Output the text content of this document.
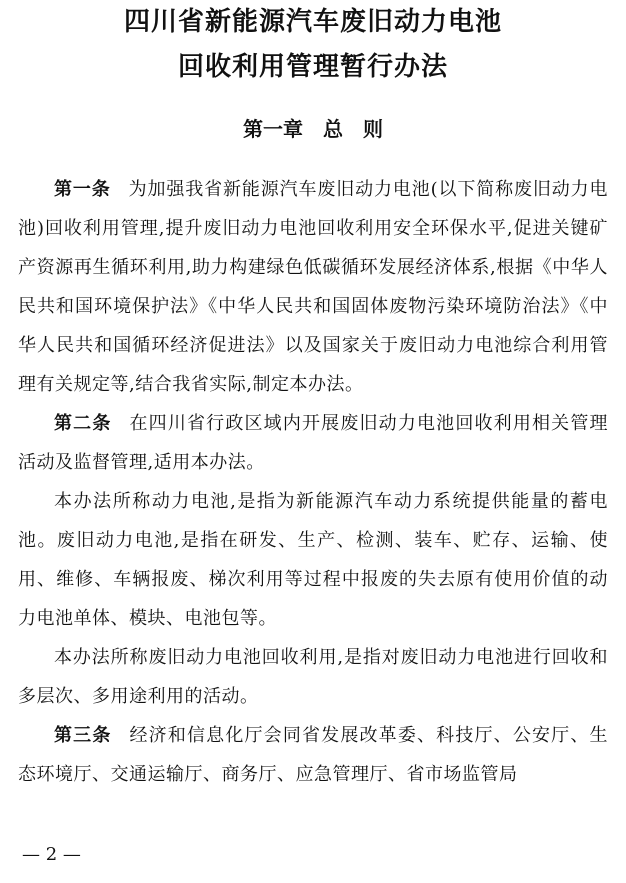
四川省新能源汽车废旧动力电池
回收利用管理暂行办法
第一章　总　则

第一条 为加强我省新能源汽车废旧动力电池(以下简称废旧动力电池)回收利用管理,提升废旧动力电池回收利用安全环保水平,促进关键矿产资源再生循环利用,助力构建绿色低碳循环发展经济体系,根据《中华人民共和国环境保护法》《中华人民共和国固体废物污染环境防治法》《中华人民共和国循环经济促进法》以及国家关于废旧动力电池综合利用管理有关规定等,结合我省实际,制定本办法。

第二条 在四川省行政区域内开展废旧动力电池回收利用相关管理活动及监督管理,适用本办法。

本办法所称动力电池,是指为新能源汽车动力系统提供能量的蓄电池。废旧动力电池,是指在研发、生产、检测、装车、贮存、运输、使用、维修、车辆报废、梯次利用等过程中报废的失去原有使用价值的动力电池单体、模块、电池包等。

本办法所称废旧动力电池回收利用,是指对废旧动力电池进行回收和多层次、多用途利用的活动。

第三条 经济和信息化厅会同省发展改革委、科技厅、公安厅、生态环境厅、交通运输厅、商务厅、应急管理厅、省市场监管局

— 2 —
